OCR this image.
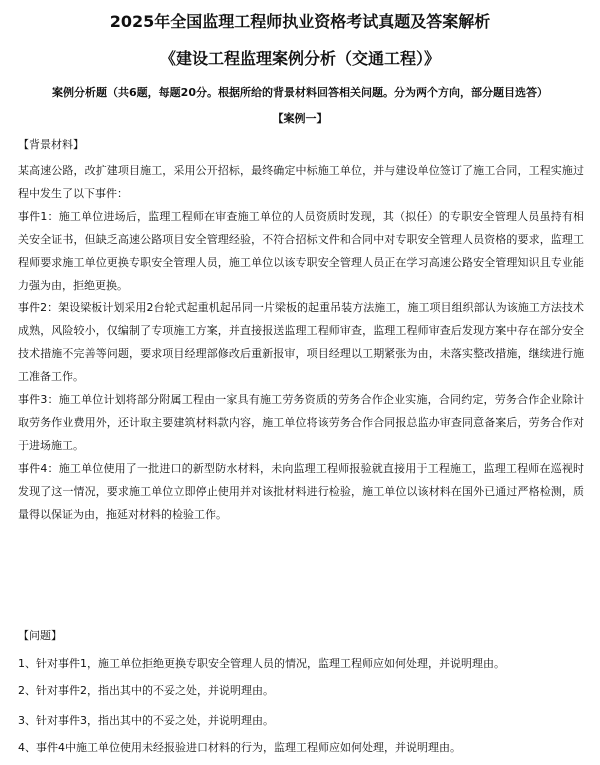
2025年全国监理工程师执业资格考试真题及答案解析
《建设工程监理案例分析（交通工程）》
案例分析题（共6题，每题20分。根据所给的背景材料回答相关问题。分为两个方向，部分题目选答）
【案例一】
【背景材料】

某高速公路，改扩建项目施工，采用公开招标，最终确定中标施工单位，并与建设单位签订了施工合同，工程实施过程中发生了以下事件：

事件1：施工单位进场后，监理工程师在审查施工单位的人员资质时发现，其（拟任）的专职安全管理人员虽持有相关安全证书，但缺乏高速公路项目安全管理经验，不符合招标文件和合同中对专职安全管理人员资格的要求，监理工程师要求施工单位更换专职安全管理人员，施工单位以该专职安全管理人员正在学习高速公路安全管理知识且专业能力强为由，拒绝更换。

事件2：架设梁板计划采用2台轮式起重机起吊同一片梁板的起重吊装方法施工，施工项目组织部认为该施工方法技术成熟，风险较小，仅编制了专项施工方案，并直接报送监理工程师审查，监理工程师审查后发现方案中存在部分安全技术措施不完善等问题，要求项目经理部修改后重新报审，项目经理以工期紧张为由，未落实整改措施，继续进行施工准备工作。

事件3：施工单位计划将部分附属工程由一家具有施工劳务资质的劳务合作企业实施，合同约定，劳务合作企业除计取劳务作业费用外，还计取主要建筑材料款内容，施工单位将该劳务合作合同报总监办审查同意备案后，劳务合作对于进场施工。

事件4：施工单位使用了一批进口的新型防水材料，未向监理工程师报验就直接用于工程施工，监理工程师在巡视时发现了这一情况，要求施工单位立即停止使用并对该批材料进行检验，施工单位以该材料在国外已通过严格检测，质量得以保证为由，拖延对材料的检验工作。

【问题】
1、针对事件1，施工单位拒绝更换专职安全管理人员的情况，监理工程师应如何处理，并说明理由。
2、针对事件2，指出其中的不妥之处，并说明理由。
3、针对事件3，指出其中的不妥之处，并说明理由。
4、事件4中施工单位使用未经报验进口材料的行为，监理工程师应如何处理，并说明理由。
